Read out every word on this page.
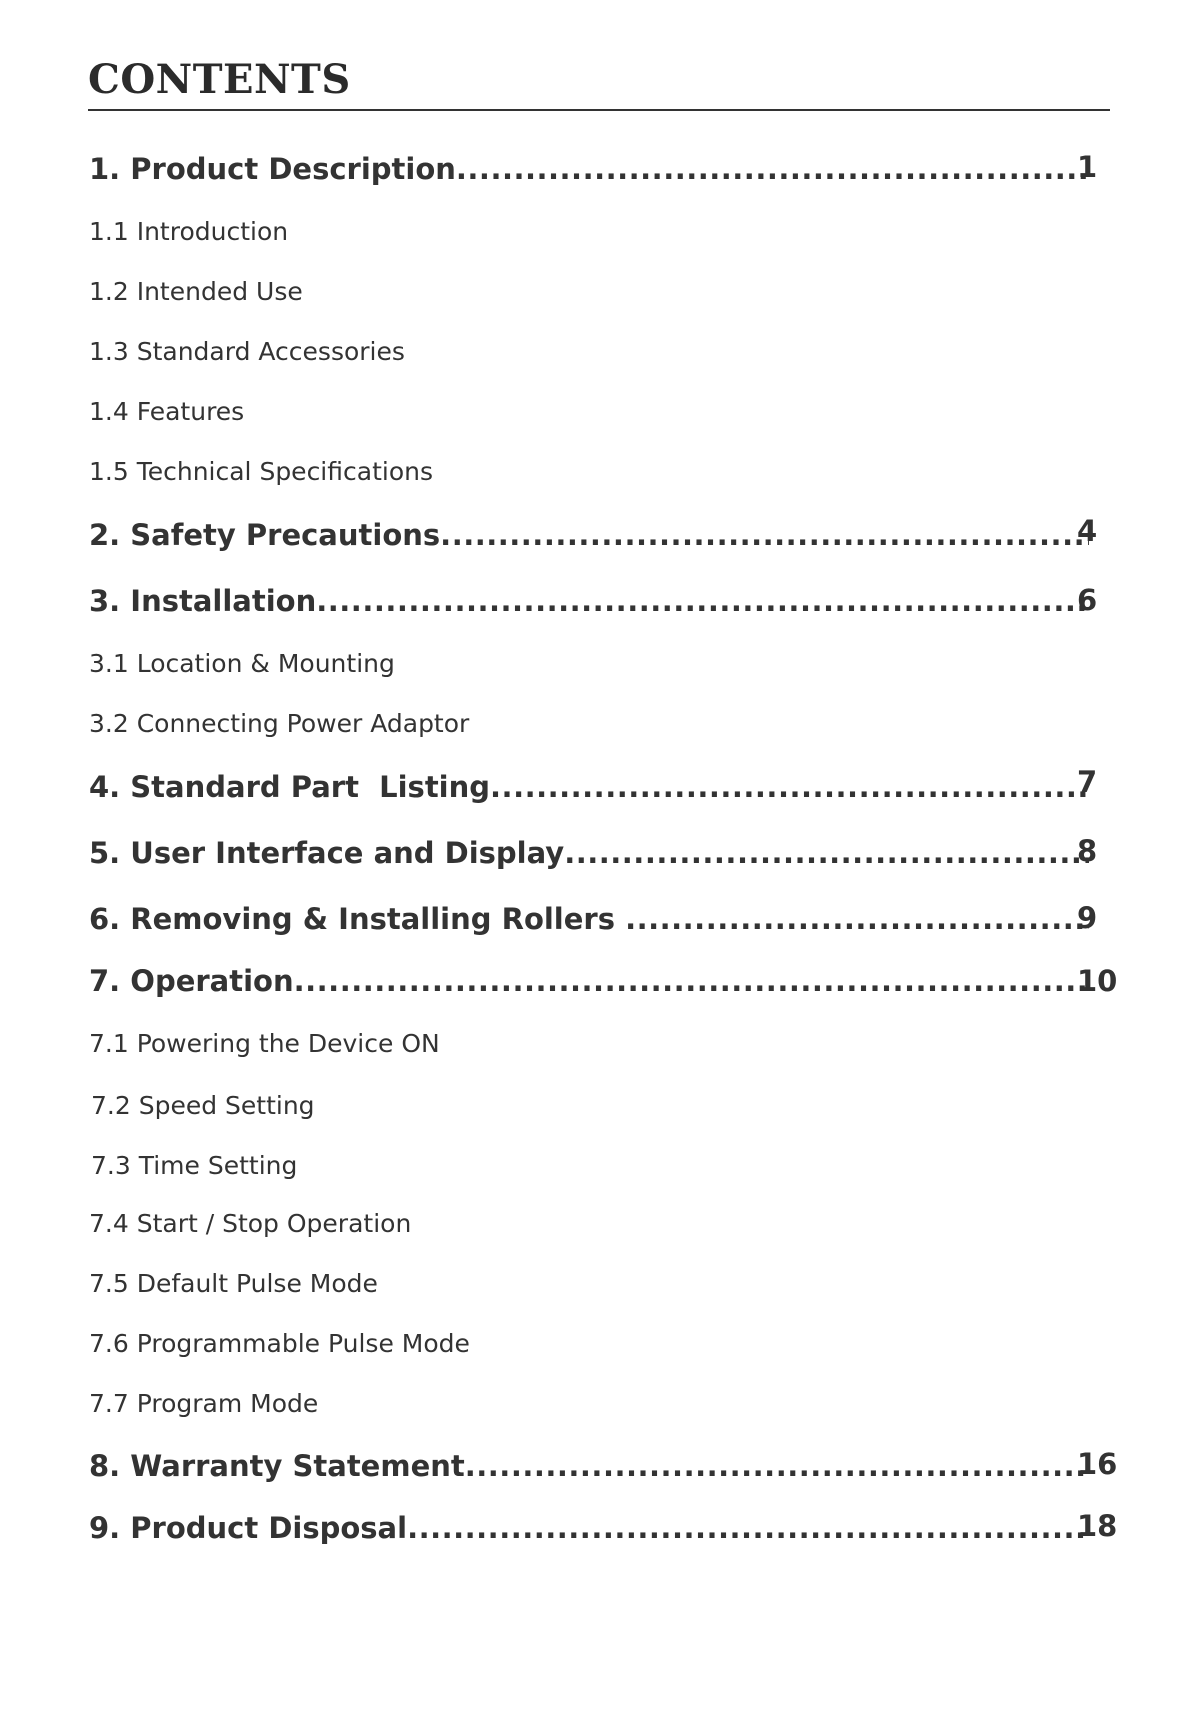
CONTENTS
1. Product Description .....	1
1.1 Introduction
1.2 Intended Use
1.3 Standard Accessories
1.4 Features
1.5 Technical Specifications
2. Safety Precautions .....	4
3. Installation .....	6
3.1 Location & Mounting
3.2 Connecting Power Adaptor
4. Standard Part  Listing .....	7
5. User Interface and Display .....	8
6. Removing & Installing Rollers .....	9
7. Operation .....	10
7.1 Powering the Device ON
7.2 Speed Setting
7.3 Time Setting
7.4 Start / Stop Operation
7.5 Default Pulse Mode
7.6 Programmable Pulse Mode
7.7 Program Mode
8. Warranty Statement .....	16
9. Product Disposal .....	18
